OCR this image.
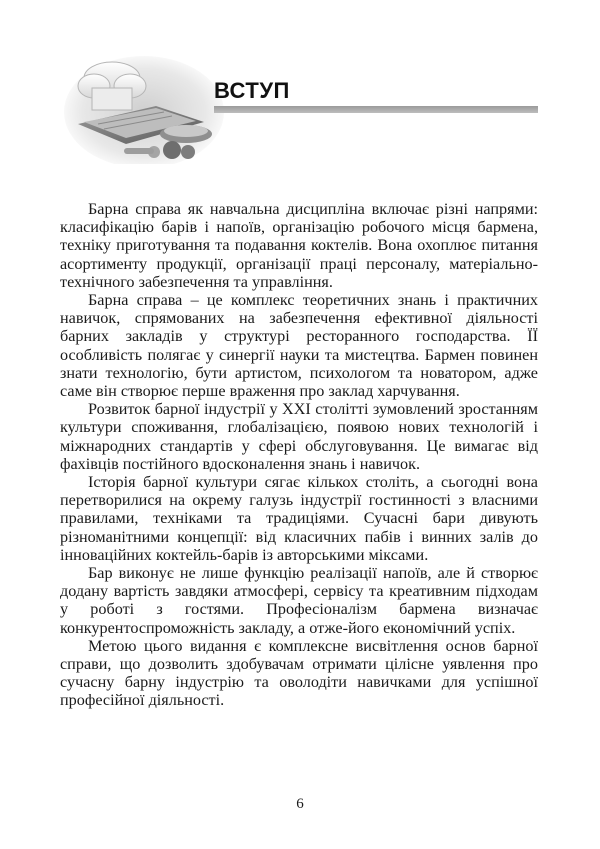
ВСТУП

Барна справа як навчальна дисципліна включає різні напрями: класифікацію барів і напоїв, організацію робочого місця бармена, техніку приготування та подавання коктелів. Вона охоплює питання асортименту продукції, організації праці персоналу, матеріально-технічного забезпечення та управління.

Барна справа – це комплекс теоретичних знань і практичних навичок, спрямованих на забезпечення ефективної діяльності барних закладів у структурі ресторанного господарства. ЇЇ особливість полягає у синергії науки та мистецтва. Бармен повинен знати технологію, бути артистом, психологом та новатором, адже саме він створює перше враження про заклад харчування.

Розвиток барної індустрії у XXI столітті зумовлений зростанням культури споживання, глобалізацією, появою нових технологій і міжнародних стандартів у сфері обслуговування. Це вимагає від фахівців постійного вдосконалення знань і навичок.

Історія барної культури сягає кількох століть, а сьогодні вона перетворилися на окрему галузь індустрії гостинності з власними правилами, техніками та традиціями. Сучасні бари дивують різноманітними концепції: від класичних пабів і винних залів до інноваційних коктейль-барів із авторськими міксами.

Бар виконує не лише функцію реалізації напоїв, але й створює додану вартість завдяки атмосфері, сервісу та креативним підходам у роботі з гостями. Професіоналізм бармена визначає конкурентоспроможність закладу, а отже-його економічний успіх.

Метою цього видання є комплексне висвітлення основ барної справи, що дозволить здобувачам отримати цілісне уявлення про сучасну барну індустрію та оволодіти навичками для успішної професійної діяльності.

6
